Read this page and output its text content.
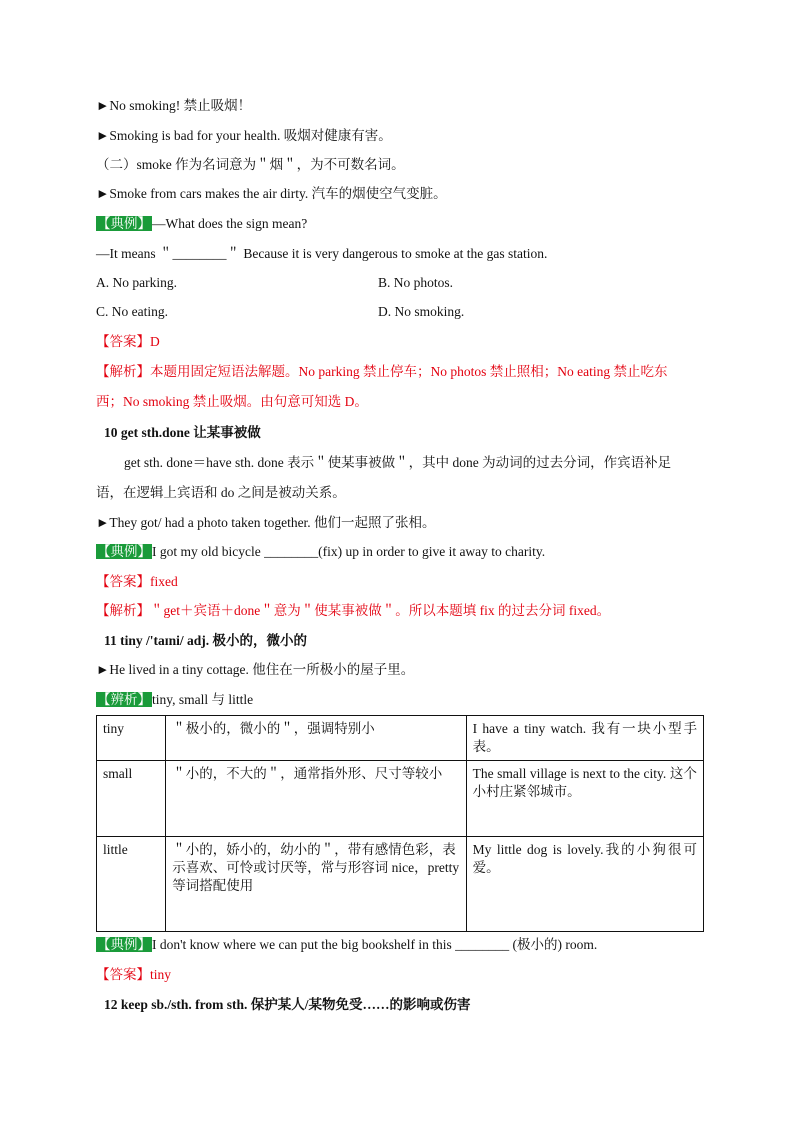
►No smoking! 禁止吸烟！
►Smoking is bad for your health. 吸烟对健康有害。
（二）smoke 作为名词意为＂烟＂，为不可数名词。
►Smoke from cars makes the air dirty. 汽车的烟使空气变脏。
【典例】—What does the sign mean?
—It means ＂________＂ Because it is very dangerous to smoke at the gas station.
A. No parking.	B. No photos.
C. No eating.	D. No smoking.
【答案】D
【解析】本题用固定短语法解题。No parking 禁止停车；No photos 禁止照相；No eating 禁止吃东
西；No smoking 禁止吸烟。由句意可知选 D。
10 get sth.done 让某事被做
get sth. done＝have sth. done 表示＂使某事被做＂，其中 done 为动词的过去分词，作宾语补足
语，在逻辑上宾语和 do 之间是被动关系。
►They got/ had a photo taken together. 他们一起照了张相。
【典例】I got my old bicycle ________(fix) up in order to give it away to charity.
【答案】fixed
【解析】＂get＋宾语＋done＂意为＂使某事被做＂。所以本题填 fix 的过去分词 fixed。
11 tiny /'taɪni/ adj. 极小的，微小的
►He lived in a tiny cottage. 他住在一所极小的屋子里。
【辨析】tiny, small 与 little
tiny	＂极小的，微小的＂，强调特别小	I have a tiny watch. 我有一块小型手表。
small	＂小的，不大的＂，通常指外形、尺寸等较小	The small village is next to the city. 这个小村庄紧邻城市。
little	＂小的，娇小的，幼小的＂，带有感情色彩，表示喜欢、可怜或讨厌等，常与形容词 nice，pretty 等词搭配使用	My little dog is lovely.我的小狗很可爱。
【典例】I don't know where we can put the big bookshelf in this ________ (极小的) room.
【答案】tiny
12 keep sb./sth. from sth. 保护某人/某物免受……的影响或伤害
